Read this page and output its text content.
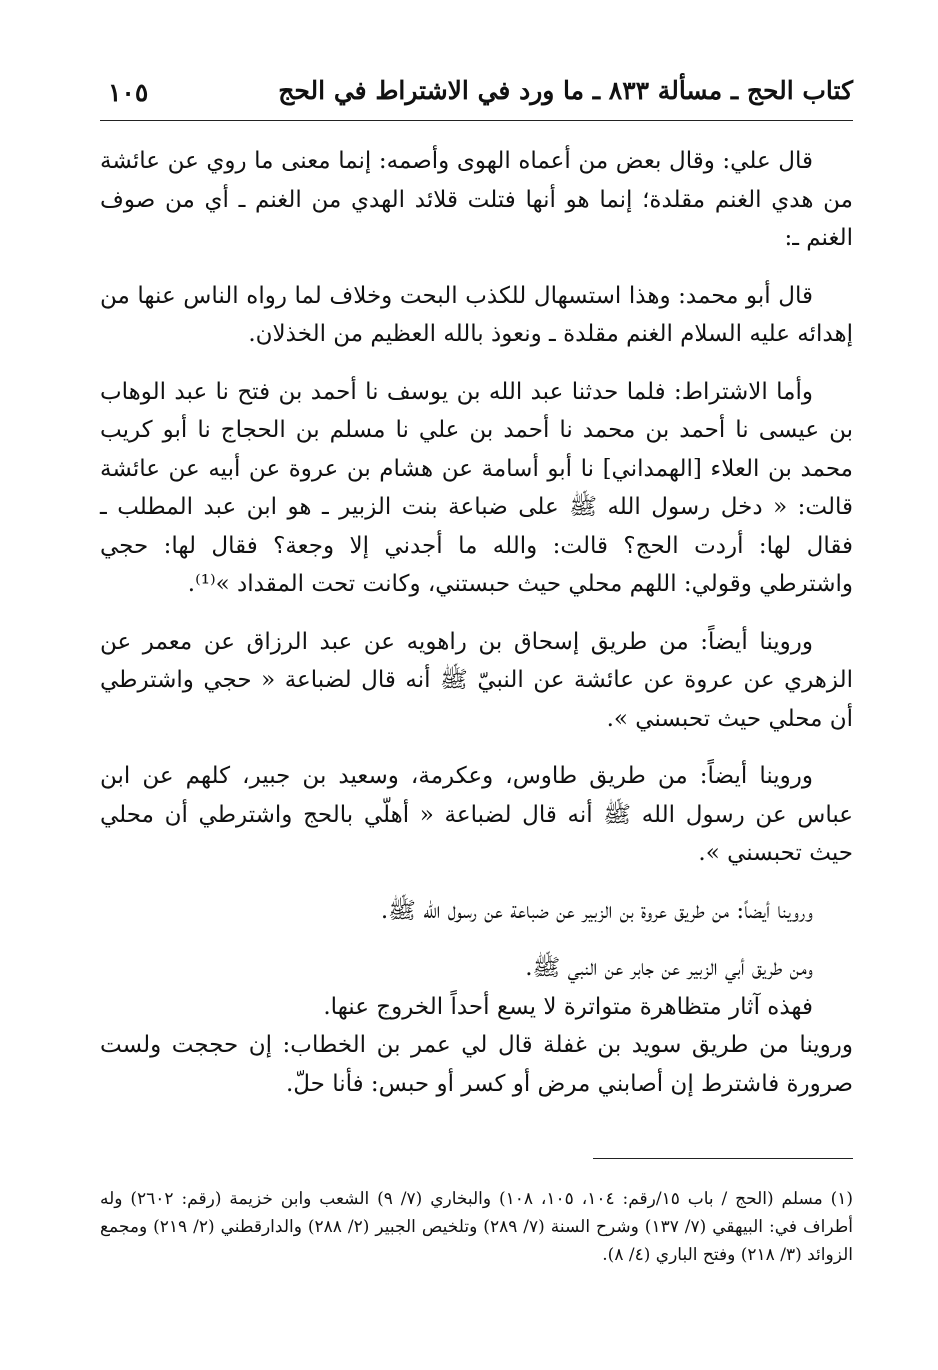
كتاب الحج ـ مسألة ٨٣٣ ـ ما ورد في الاشتراط في الحج
١٠٥

قال علي: وقال بعض من أعماه الهوى وأصمه: إنما معنى ما روي عن عائشة من هدي الغنم مقلدة؛ إنما هو أنها فتلت قلائد الهدي من الغنم ـ أي من صوف الغنم ـ:

قال أبو محمد: وهذا استسهال للكذب البحت وخلاف لما رواه الناس عنها من إهدائه عليه السلام الغنم مقلدة ـ ونعوذ بالله العظيم من الخذلان.

وأما الاشتراط: فلما حدثنا عبد الله بن يوسف نا أحمد بن فتح نا عبد الوهاب بن عيسى نا أحمد بن محمد نا أحمد بن علي نا مسلم بن الحجاج نا أبو كريب محمد بن العلاء [الهمداني] نا أبو أسامة عن هشام بن عروة عن أبيه عن عائشة قالت: « دخل رسول الله ﷺ على ضباعة بنت الزبير ـ هو ابن عبد المطلب ـ فقال لها: أردت الحج؟ قالت: والله ما أجدني إلا وجعة؟ فقال لها: حجي واشترطي وقولي: اللهم محلي حيث حبستني، وكانت تحت المقداد »⁽¹⁾.

وروينا أيضاً: من طريق إسحاق بن راهويه عن عبد الرزاق عن معمر عن الزهري عن عروة عن عائشة عن النبيّ ﷺ أنه قال لضباعة « حجي واشترطي أن محلي حيث تحبسني ».

وروينا أيضاً: من طريق طاوس، وعكرمة، وسعيد بن جبير، كلهم عن ابن عباس عن رسول الله ﷺ أنه قال لضباعة « أهلّي بالحج واشترطي أن محلي حيث تحبسني ».

وروينا أيضاً: من طريق عروة بن الزبير عن ضباعة عن رسول الله ﷺ.

ومن طريق أبي الزبير عن جابر عن النبي ﷺ.

فهذه آثار متظاهرة متواترة لا يسع أحداً الخروج عنها.

وروينا من طريق سويد بن غفلة قال لي عمر بن الخطاب: إن حججت ولست صرورة فاشترط إن أصابني مرض أو كسر أو حبس: فأنا حلّ.

(١) مسلم (الحج / باب ١٥/رقم: ١٠٤، ١٠٥، ١٠٨) والبخاري (٧/ ٩) الشعب وابن خزيمة (رقم: ٢٦٠٢) وله أطراف في: البيهقي (٧/ ١٣٧) وشرح السنة (٧/ ٢٨٩) وتلخيص الجبير (٢/ ٢٨٨) والدارقطني (٢/ ٢١٩) ومجمع الزوائد (٣/ ٢١٨) وفتح الباري (٤/ ٨).
